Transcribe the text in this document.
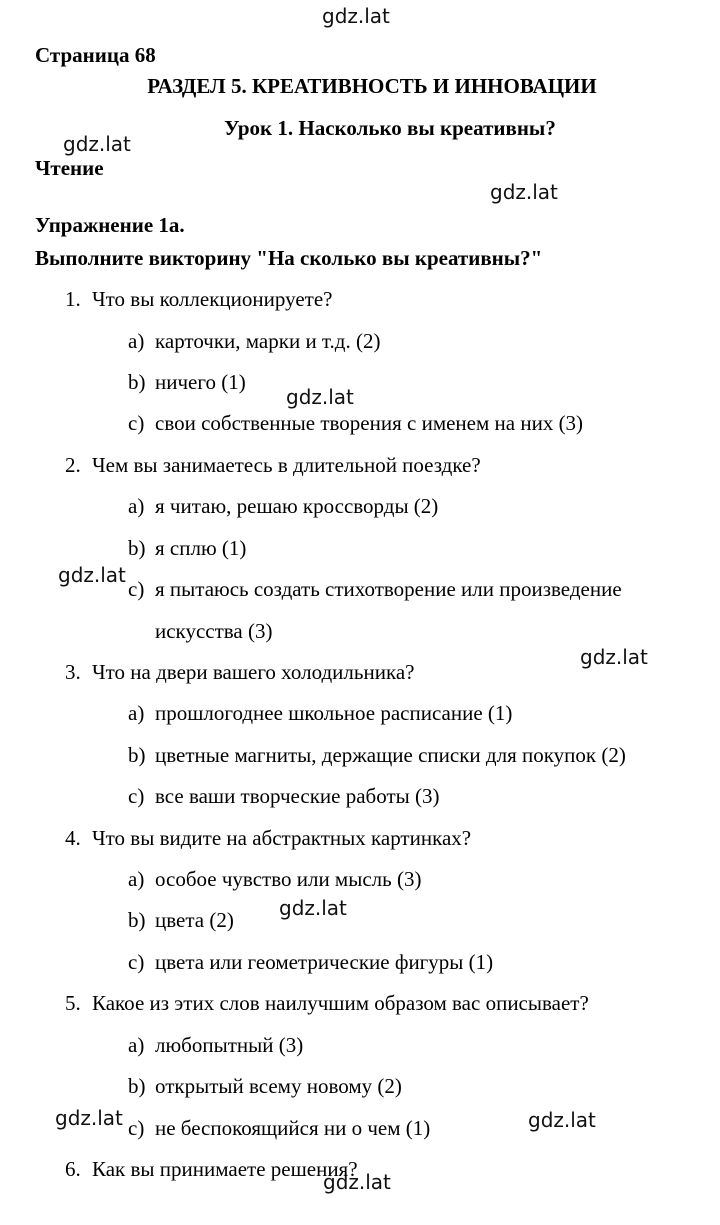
gdz.lat
gdz.lat
gdz.lat
gdz.lat
gdz.lat
gdz.lat
gdz.lat
gdz.lat	gdz.lat
gdz.lat
Страница 68
РАЗДЕЛ 5. КРЕАТИВНОСТЬ И ИННОВАЦИИ
Урок 1. Насколько вы креативны?
Чтение
Упражнение 1a.
Выполните викторину "На сколько вы креативны?"
1. Что вы коллекционируете?
a) карточки, марки и т.д. (2)
b) ничего (1)
c) свои собственные творения с именем на них (3)
2. Чем вы занимаетесь в длительной поездке?
a) я читаю, решаю кроссворды (2)
b) я сплю (1)
c) я пытаюсь создать стихотворение или произведение
искусства (3)
3. Что на двери вашего холодильника?
a) прошлогоднее школьное расписание (1)
b) цветные магниты, держащие списки для покупок (2)
c) все ваши творческие работы (3)
4. Что вы видите на абстрактных картинках?
a) особое чувство или мысль (3)
b) цвета (2)
c) цвета или геометрические фигуры (1)
5. Какое из этих слов наилучшим образом вас описывает?
a) любопытный (3)
b) открытый всему новому (2)
c) не беспокоящийся ни о чем (1)
6. Как вы принимаете решения?
